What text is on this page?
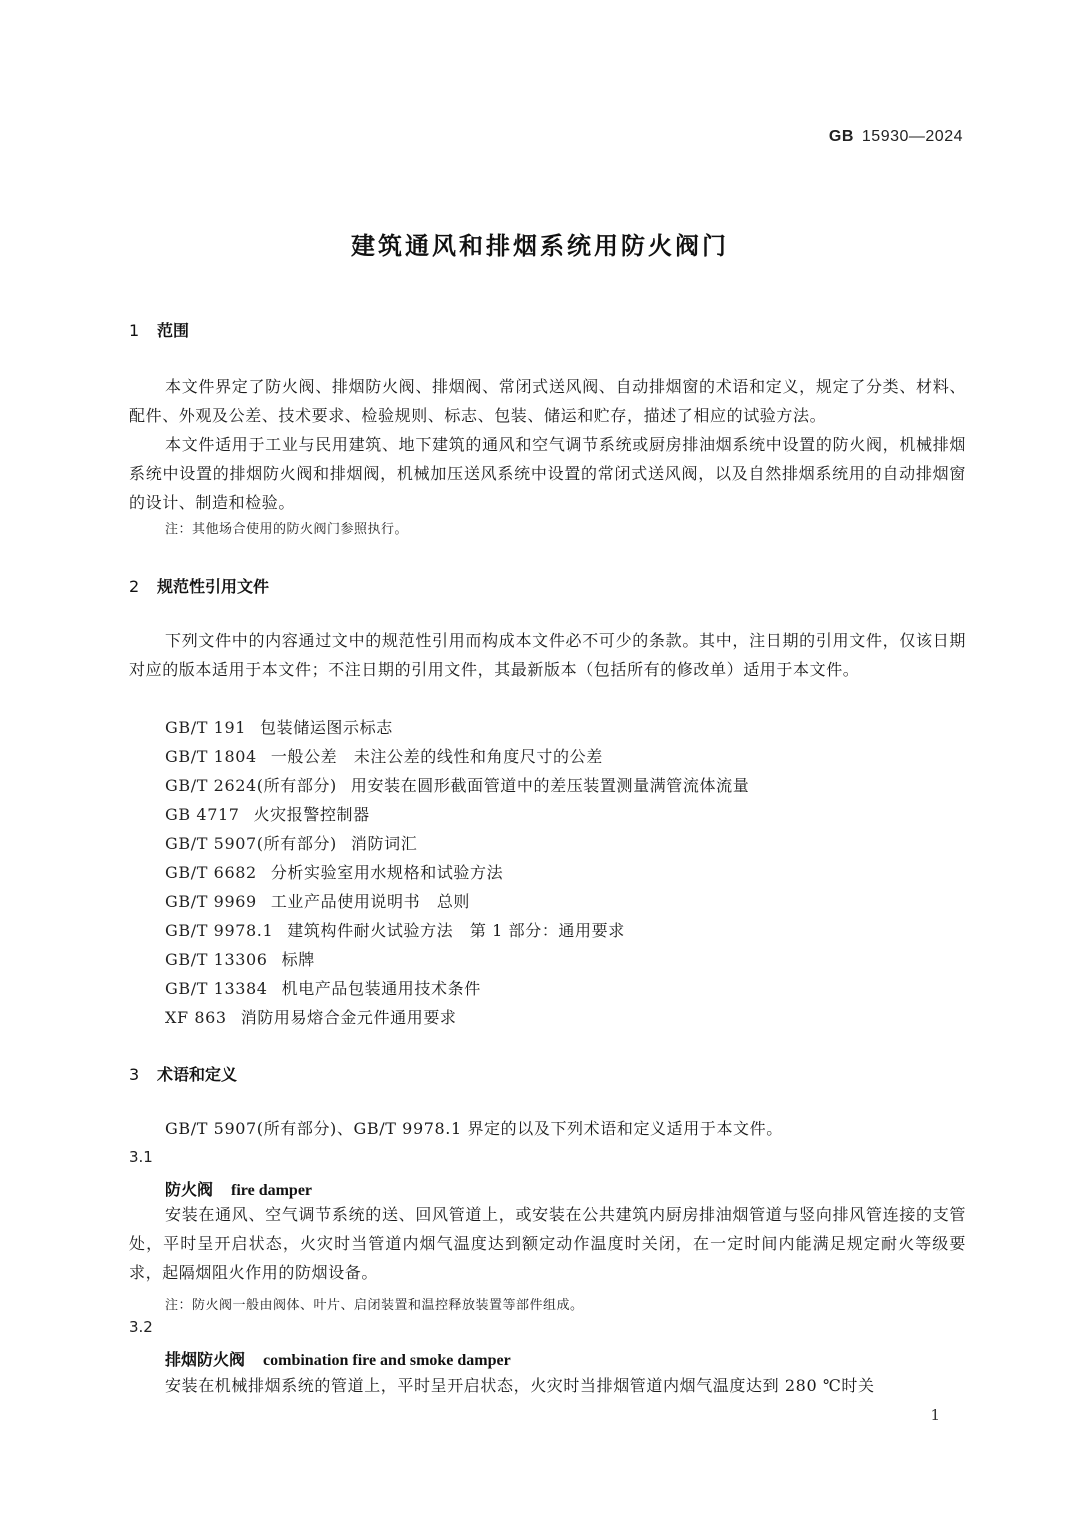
GB 15930—2024
建筑通风和排烟系统用防火阀门
1 范围
本文件界定了防火阀、排烟防火阀、排烟阀、常闭式送风阀、自动排烟窗的术语和定义，规定了分类、材料、配件、外观及公差、技术要求、检验规则、标志、包装、储运和贮存，描述了相应的试验方法。
本文件适用于工业与民用建筑、地下建筑的通风和空气调节系统或厨房排油烟系统中设置的防火阀，机械排烟系统中设置的排烟防火阀和排烟阀，机械加压送风系统中设置的常闭式送风阀，以及自然排烟系统用的自动排烟窗的设计、制造和检验。
注：其他场合使用的防火阀门参照执行。
2 规范性引用文件
下列文件中的内容通过文中的规范性引用而构成本文件必不可少的条款。其中，注日期的引用文件，仅该日期对应的版本适用于本文件；不注日期的引用文件，其最新版本（包括所有的修改单）适用于本文件。
GB/T 191 包装储运图示标志
GB/T 1804 一般公差　未注公差的线性和角度尺寸的公差
GB/T 2624(所有部分) 用安装在圆形截面管道中的差压装置测量满管流体流量
GB 4717 火灾报警控制器
GB/T 5907(所有部分) 消防词汇
GB/T 6682 分析实验室用水规格和试验方法
GB/T 9969 工业产品使用说明书　总则
GB/T 9978.1 建筑构件耐火试验方法　第 1 部分：通用要求
GB/T 13306 标牌
GB/T 13384 机电产品包装通用技术条件
XF 863 消防用易熔合金元件通用要求
3 术语和定义
GB/T 5907(所有部分)、GB/T 9978.1 界定的以及下列术语和定义适用于本文件。
3.1
防火阀 fire damper
安装在通风、空气调节系统的送、回风管道上，或安装在公共建筑内厨房排油烟管道与竖向排风管连接的支管处，平时呈开启状态，火灾时当管道内烟气温度达到额定动作温度时关闭，在一定时间内能满足规定耐火等级要求，起隔烟阻火作用的防烟设备。
注：防火阀一般由阀体、叶片、启闭装置和温控释放装置等部件组成。
3.2
排烟防火阀 combination fire and smoke damper
安装在机械排烟系统的管道上，平时呈开启状态，火灾时当排烟管道内烟气温度达到 280 ℃时关
1
